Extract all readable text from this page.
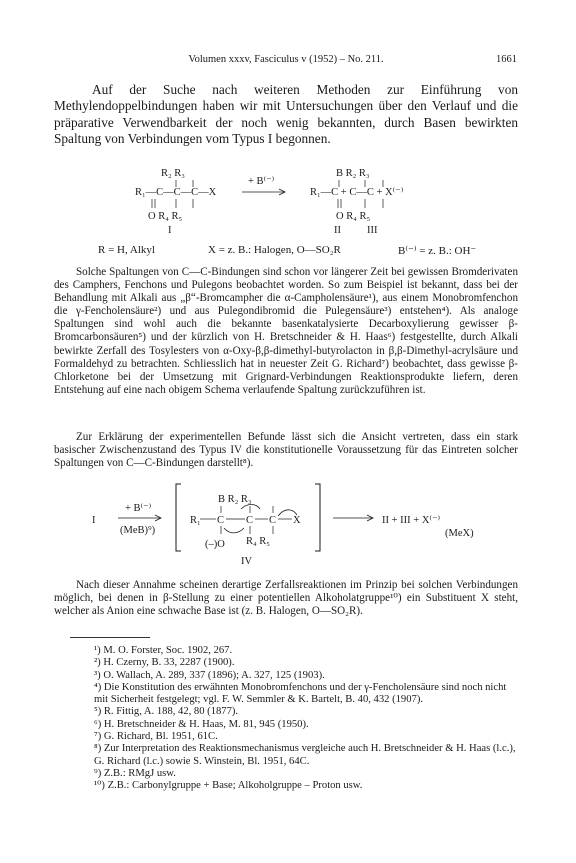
Volumen xxxv, Fasciculus v (1952) – No. 211.	1661

Auf der Suche nach weiteren Methoden zur Einführung von Methylendoppelbindungen haben wir mit Untersuchungen über den Verlauf und die präparative Verwendbarkeit der noch wenig bekannten, durch Basen bewirkten Spaltung von Verbindungen vom Typus I begonnen.

R₂ R₃
R₁—C—C—C—X
O R₄ R₅
+ B⁽⁻⁾
B R₂ R₃
R₁—C + C—C + X⁽⁻⁾
O R₄ R₅
I	II III
I
+ B⁽⁻⁾
(MeB)⁹)
B R₂ R₃
R₁	X
C C C
(–)O R₄ R₅
IV
II + III + X⁽⁻⁾
(MeX)
R = H, Alkyl	X = z. B.: Halogen, O—SO₂R	B⁽⁻⁾ = z. B.: OH⁻

Solche Spaltungen von C—C-Bindungen sind schon vor längerer Zeit bei gewissen Bromderivaten des Camphers, Fenchons und Pulegons beobachtet worden. So zum Beispiel ist bekannt, dass bei der Behandlung mit Alkali aus „β“-Bromcampher die α-Campholensäure¹), aus einem Monobromfenchon die γ-Fencholensäure²) und aus Pulegondibromid die Pulegensäure³) entstehen⁴). Als analoge Spaltungen sind wohl auch die bekannte basenkatalysierte Decarboxylierung gewisser β-Bromcarbonsäuren⁵) und der kürzlich von H. Bretschneider & H. Haas⁶) festgestellte, durch Alkali bewirkte Zerfall des Tosylesters von α-Oxy-β,β-dimethyl-butyrolacton in β,β-Dimethyl-acrylsäure und Formaldehyd zu betrachten. Schliesslich hat in neuester Zeit G. Richard⁷) beobachtet, dass gewisse β-Chlorketone bei der Umsetzung mit Grignard-Verbindungen Reaktionsprodukte liefern, deren Entstehung auf eine nach obigem Schema verlaufende Spaltung zurückzuführen ist.

Zur Erklärung der experimentellen Befunde lässt sich die Ansicht vertreten, dass ein stark basischer Zwischenzustand des Typus IV die konstitutionelle Voraussetzung für das Eintreten solcher Spaltungen von C—C-Bindungen darstellt⁸).

Nach dieser Annahme scheinen derartige Zerfallsreaktionen im Prinzip bei solchen Verbindungen möglich, bei denen in β-Stellung zu einer potentiellen Alkoholatgruppe¹⁰) ein Substituent X steht, welcher als Anion eine schwache Base ist (z. B. Halogen, O—SO₂R).

¹) M. O. Forster, Soc. 1902, 267.
²) H. Czerny, B. 33, 2287 (1900).
³) O. Wallach, A. 289, 337 (1896); A. 327, 125 (1903).
⁴) Die Konstitution des erwähnten Monobromfenchons und der γ-Fencholensäure sind noch nicht mit Sicherheit festgelegt; vgl. F. W. Semmler & K. Bartelt, B. 40, 432 (1907).
⁵) R. Fittig, A. 188, 42, 80 (1877).
⁶) H. Bretschneider & H. Haas, M. 81, 945 (1950).
⁷) G. Richard, Bl. 1951, 61C.
⁸) Zur Interpretation des Reaktionsmechanismus vergleiche auch H. Bretschneider & H. Haas (l.c.), G. Richard (l.c.) sowie S. Winstein, Bl. 1951, 64C.
⁹) Z.B.: RMgJ usw.
¹⁰) Z.B.: Carbonylgruppe + Base; Alkoholgruppe – Proton usw.
